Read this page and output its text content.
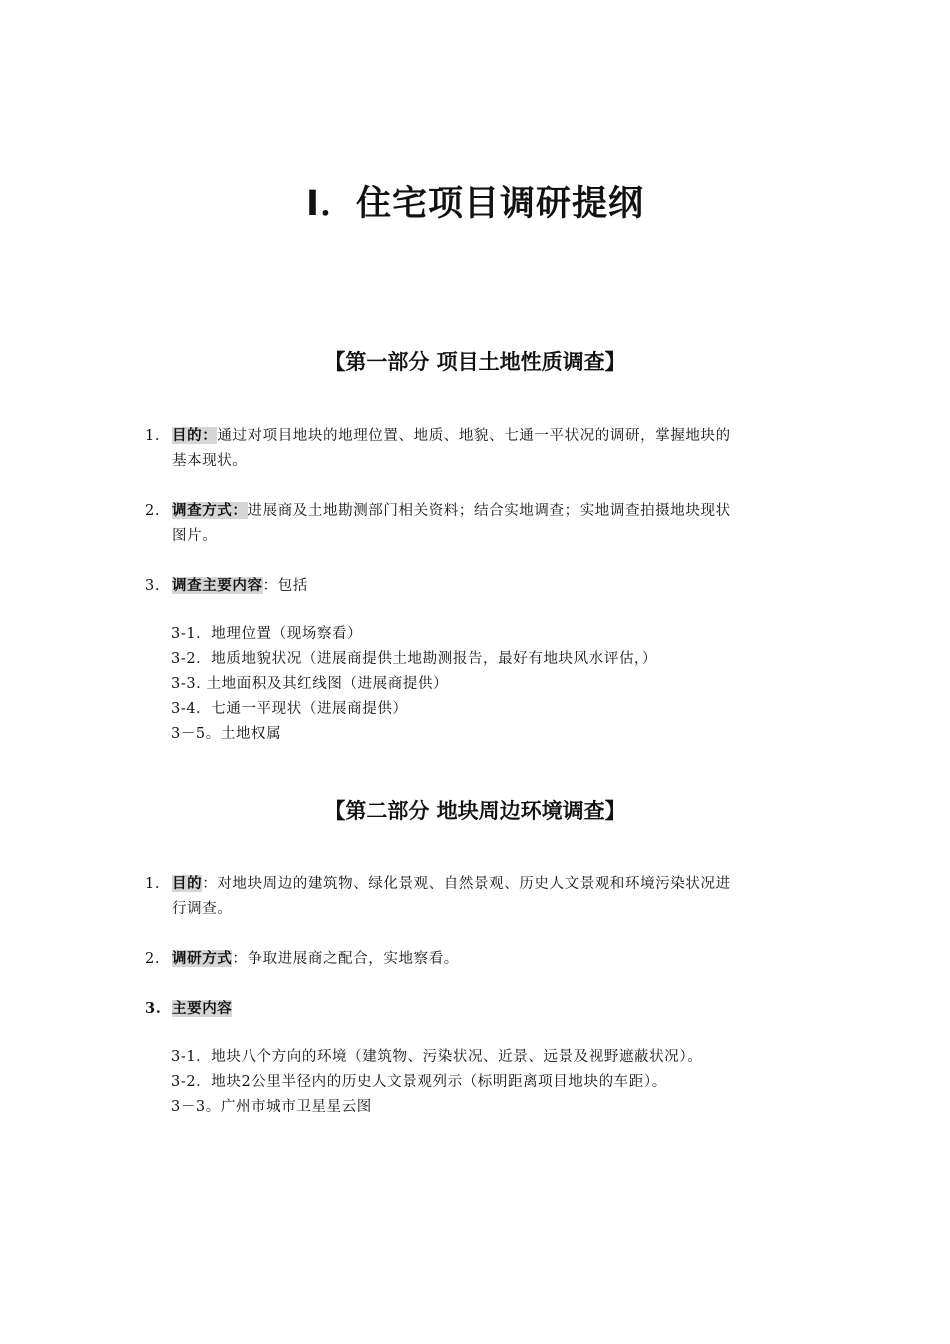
Ⅰ．住宅项目调研提纲
【第一部分 项目土地性质调查】
1. 目的：通过对项目地块的地理位置、地质、地貌、七通一平状况的调研，掌握地块的
基本现状。
2. 调查方式：进展商及土地勘测部门相关资料；结合实地调查；实地调查拍摄地块现状
图片。
3. 调查主要内容：包括
3-1．地理位置（现场察看）
3-2．地质地貌状况（进展商提供土地勘测报告，最好有地块风水评估，）
3-3. 土地面积及其红线图（进展商提供）
3-4．七通一平现状（进展商提供）
3－5。土地权属
【第二部分 地块周边环境调查】
1. 目的：对地块周边的建筑物、绿化景观、自然景观、历史人文景观和环境污染状况进
行调查。
2. 调研方式：争取进展商之配合，实地察看。
3. 主要内容
3-1．地块八个方向的环境（建筑物、污染状况、近景、远景及视野遮蔽状况）。
3-2．地块2公里半径内的历史人文景观列示（标明距离项目地块的车距）。
3－3。广州市城市卫星星云图
